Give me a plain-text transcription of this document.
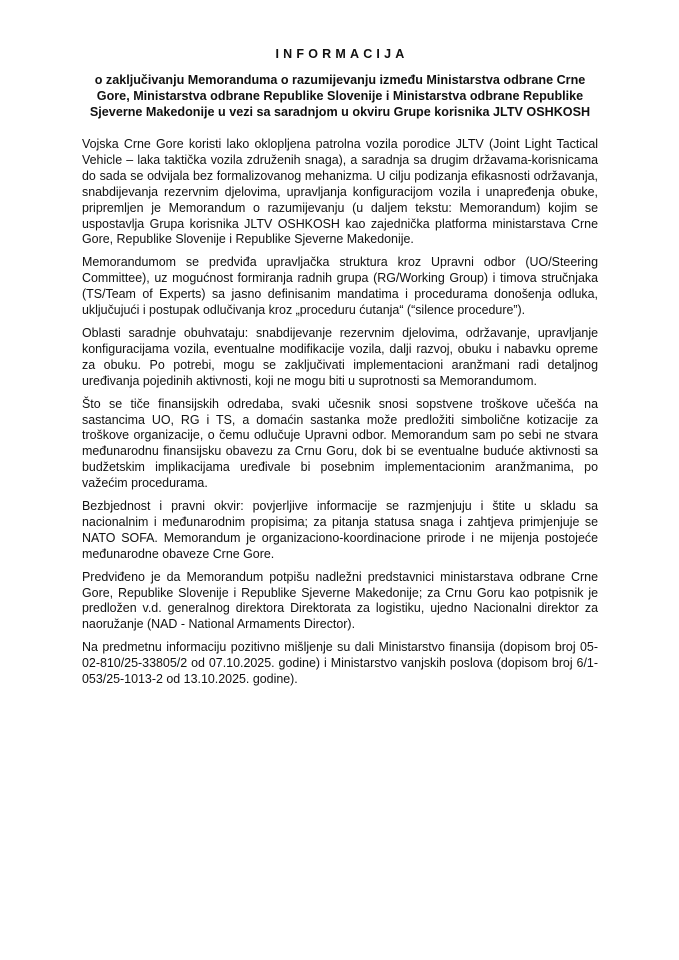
INFORMACIJA
o zaključivanju Memoranduma o razumijevanju između Ministarstva odbrane Crne Gore, Ministarstva odbrane Republike Slovenije i Ministarstva odbrane Republike Sjeverne Makedonije u vezi sa saradnjom u okviru Grupe korisnika JLTV OSHKOSH

Vojska Crne Gore koristi lako oklopljena patrolna vozila porodice JLTV (Joint Light Tactical Vehicle – laka taktička vozila združenih snaga), a saradnja sa drugim državama-korisnicama do sada se odvijala bez formalizovanog mehanizma. U cilju podizanja efikasnosti održavanja, snabdijevanja rezervnim djelovima, upravljanja konfiguracijom vozila i unapređenja obuke, pripremljen je Memorandum o razumijevanju (u daljem tekstu: Memorandum) kojim se uspostavlja Grupa korisnika JLTV OSHKOSH kao zajednička platforma ministarstava Crne Gore, Republike Slovenije i Republike Sjeverne Makedonije.

Memorandumom se predviđa upravljačka struktura kroz Upravni odbor (UO/Steering Committee), uz mogućnost formiranja radnih grupa (RG/Working Group) i timova stručnjaka (TS/Team of Experts) sa jasno definisanim mandatima i procedurama donošenja odluka, uključujući i postupak odlučivanja kroz „proceduru ćutanja“ (“silence procedure”).

Oblasti saradnje obuhvataju: snabdijevanje rezervnim djelovima, održavanje, upravljanje konfiguracijama vozila, eventualne modifikacije vozila, dalji razvoj, obuku i nabavku opreme za obuku. Po potrebi, mogu se zaključivati implementacioni aranžmani radi detaljnog uređivanja pojedinih aktivnosti, koji ne mogu biti u suprotnosti sa Memorandumom.

Što se tiče finansijskih odredaba, svaki učesnik snosi sopstvene troškove učešća na sastancima UO, RG i TS, a domaćin sastanka može predložiti simbolične kotizacije za troškove organizacije, o čemu odlučuje Upravni odbor. Memorandum sam po sebi ne stvara međunarodnu finansijsku obavezu za Crnu Goru, dok bi se eventualne buduće aktivnosti sa budžetskim implikacijama uređivale bi posebnim implementacionim aranžmanima, po važećim procedurama.

Bezbjednost i pravni okvir: povjerljive informacije se razmjenjuju i štite u skladu sa nacionalnim i međunarodnim propisima; za pitanja statusa snaga i zahtjeva primjenjuje se NATO SOFA. Memorandum je organizaciono-koordinacione prirode i ne mijenja postojeće međunarodne obaveze Crne Gore.

Predviđeno je da Memorandum potpišu nadležni predstavnici ministarstava odbrane Crne Gore, Republike Slovenije i Republike Sjeverne Makedonije; za Crnu Goru kao potpisnik je predložen v.d. generalnog direktora Direktorata za logistiku, ujedno Nacionalni direktor za naoružanje (NAD - National Armaments Director).

Na predmetnu informaciju pozitivno mišljenje su dali Ministarstvo finansija (dopisom broj 05-02-810/25-33805/2 od 07.10.2025. godine) i Ministarstvo vanjskih poslova (dopisom broj 6/1-053/25-1013-2 od 13.10.2025. godine).
